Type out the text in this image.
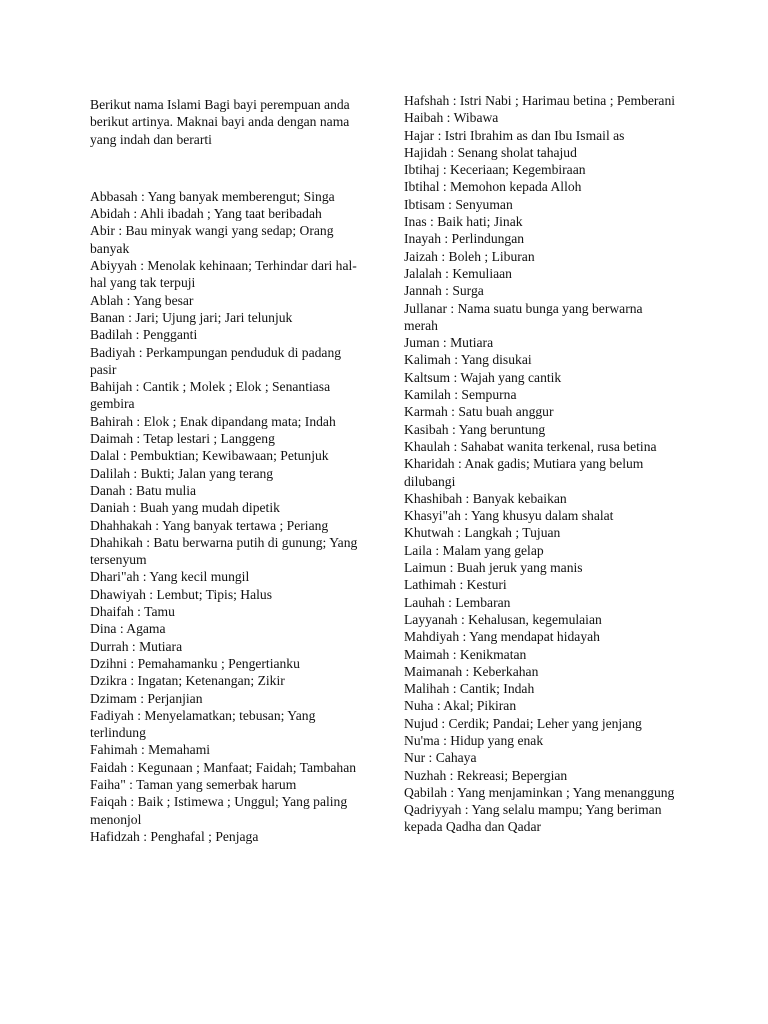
Berikut nama Islami Bagi bayi perempuan anda berikut artinya. Maknai bayi anda dengan nama yang indah dan berarti

Abbasah : Yang banyak memberengut; Singa

Abidah : Ahli ibadah ; Yang taat beribadah

Abir : Bau minyak wangi yang sedap; Orang banyak

Abiyyah : Menolak kehinaan; Terhindar dari hal-hal yang tak terpuji

Ablah : Yang besar

Banan : Jari; Ujung jari; Jari telunjuk

Badilah : Pengganti

Badiyah : Perkampungan penduduk di padang pasir

Bahijah : Cantik ; Molek ; Elok ; Senantiasa gembira

Bahirah : Elok ; Enak dipandang mata; Indah

Daimah : Tetap lestari ; Langgeng

Dalal : Pembuktian; Kewibawaan; Petunjuk

Dalilah : Bukti; Jalan yang terang

Danah : Batu mulia

Daniah : Buah yang mudah dipetik

Dhahhakah : Yang banyak tertawa ; Periang

Dhahikah : Batu berwarna putih di gunung; Yang tersenyum

Dhari"ah : Yang kecil mungil

Dhawiyah : Lembut; Tipis; Halus

Dhaifah : Tamu

Dina : Agama

Durrah : Mutiara

Dzihni : Pemahamanku ; Pengertianku

Dzikra : Ingatan; Ketenangan; Zikir

Dzimam : Perjanjian

Fadiyah : Menyelamatkan; tebusan; Yang terlindung

Fahimah : Memahami

Faidah : Kegunaan ; Manfaat; Faidah; Tambahan

Faiha" : Taman yang semerbak harum

Faiqah : Baik ; Istimewa ; Unggul; Yang paling menonjol

Hafidzah : Penghafal ; Penjaga

Hafshah : Istri Nabi ; Harimau betina ; Pemberani

Haibah : Wibawa

Hajar : Istri Ibrahim as dan Ibu Ismail as

Hajidah : Senang sholat tahajud

Ibtihaj : Keceriaan; Kegembiraan

Ibtihal : Memohon kepada Alloh

Ibtisam : Senyuman

Inas : Baik hati; Jinak

Inayah : Perlindungan

Jaizah : Boleh ; Liburan

Jalalah : Kemuliaan

Jannah : Surga

Jullanar : Nama suatu bunga yang berwarna merah

Juman : Mutiara

Kalimah : Yang disukai

Kaltsum : Wajah yang cantik

Kamilah : Sempurna

Karmah : Satu buah anggur

Kasibah : Yang beruntung

Khaulah : Sahabat wanita terkenal, rusa betina

Kharidah : Anak gadis; Mutiara yang belum dilubangi

Khashibah : Banyak kebaikan

Khasyi"ah : Yang khusyu dalam shalat

Khutwah : Langkah ; Tujuan

Laila : Malam yang gelap

Laimun : Buah jeruk yang manis

Lathimah : Kesturi

Lauhah : Lembaran

Layyanah : Kehalusan, kegemulaian

Mahdiyah : Yang mendapat hidayah

Maimah : Kenikmatan

Maimanah : Keberkahan

Malihah : Cantik; Indah

Nuha : Akal; Pikiran

Nujud : Cerdik; Pandai; Leher yang jenjang

Nu'ma : Hidup yang enak

Nur : Cahaya

Nuzhah : Rekreasi; Bepergian

Qabilah : Yang menjaminkan ; Yang menanggung

Qadriyyah : Yang selalu mampu; Yang beriman kepada Qadha dan Qadar
